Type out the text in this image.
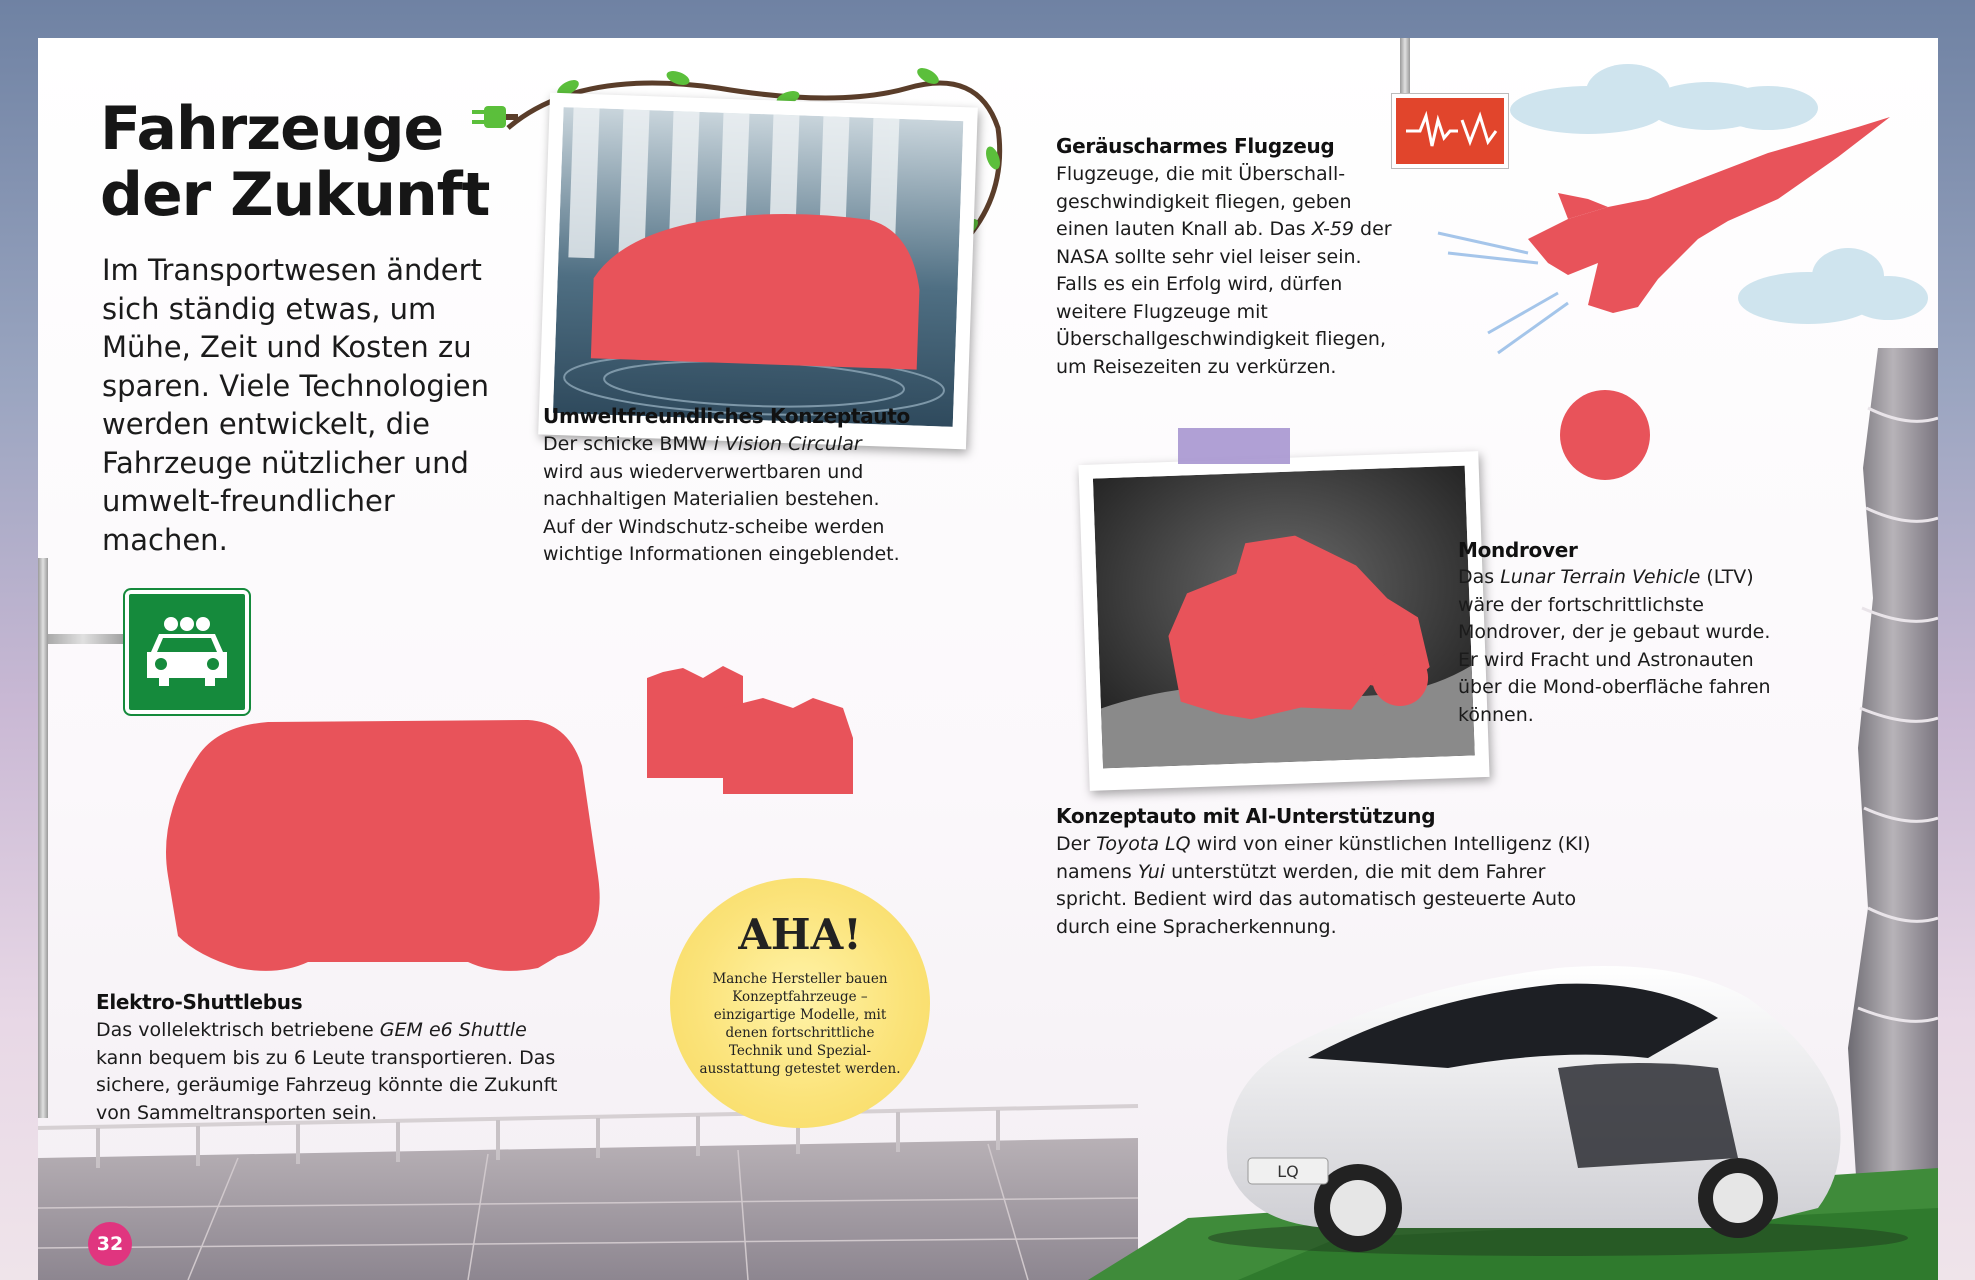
Fahrzeuge
der Zukunft
Im Transportwesen ändert sich ständig etwas, um Mühe, Zeit und Kosten zu sparen. Viele Technologien werden entwickelt, die Fahrzeuge nützlicher und umwelt-freundlicher machen.
Umweltfreundliches Konzeptauto
Der schicke BMW i Vision Circular wird aus wiederverwertbaren und nachhaltigen Materialien bestehen. Auf der Windschutz-scheibe werden wichtige Informationen eingeblendet.
Geräuscharmes Flugzeug
Flugzeuge, die mit Überschall-geschwindigkeit fliegen, geben einen lauten Knall ab. Das X-59 der NASA sollte sehr viel leiser sein. Falls es ein Erfolg wird, dürfen weitere Flugzeuge mit Überschallgeschwindigkeit fliegen, um Reisezeiten zu verkürzen.
Mondrover
Das Lunar Terrain Vehicle (LTV) wäre der fortschrittlichste Mondrover, der je gebaut wurde. Er wird Fracht und Astronauten über die Mond-oberfläche fahren können.
Elektro-Shuttlebus
Das vollelektrisch betriebene GEM e6 Shuttle kann bequem bis zu 6 Leute transportieren. Das sichere, geräumige Fahrzeug könnte die Zukunft von Sammeltransporten sein.
AHA!
Manche Hersteller bauen Konzeptfahrzeuge – einzigartige Modelle, mit denen fortschrittliche Technik und Spezial-ausstattung getestet werden.
Konzeptauto mit AI-Unterstützung
Der Toyota LQ wird von einer künstlichen Intelligenz (KI) namens Yui unterstützt werden, die mit dem Fahrer spricht. Bedient wird das automatisch gesteuerte Auto durch eine Spracherkennung.
LQ
32
